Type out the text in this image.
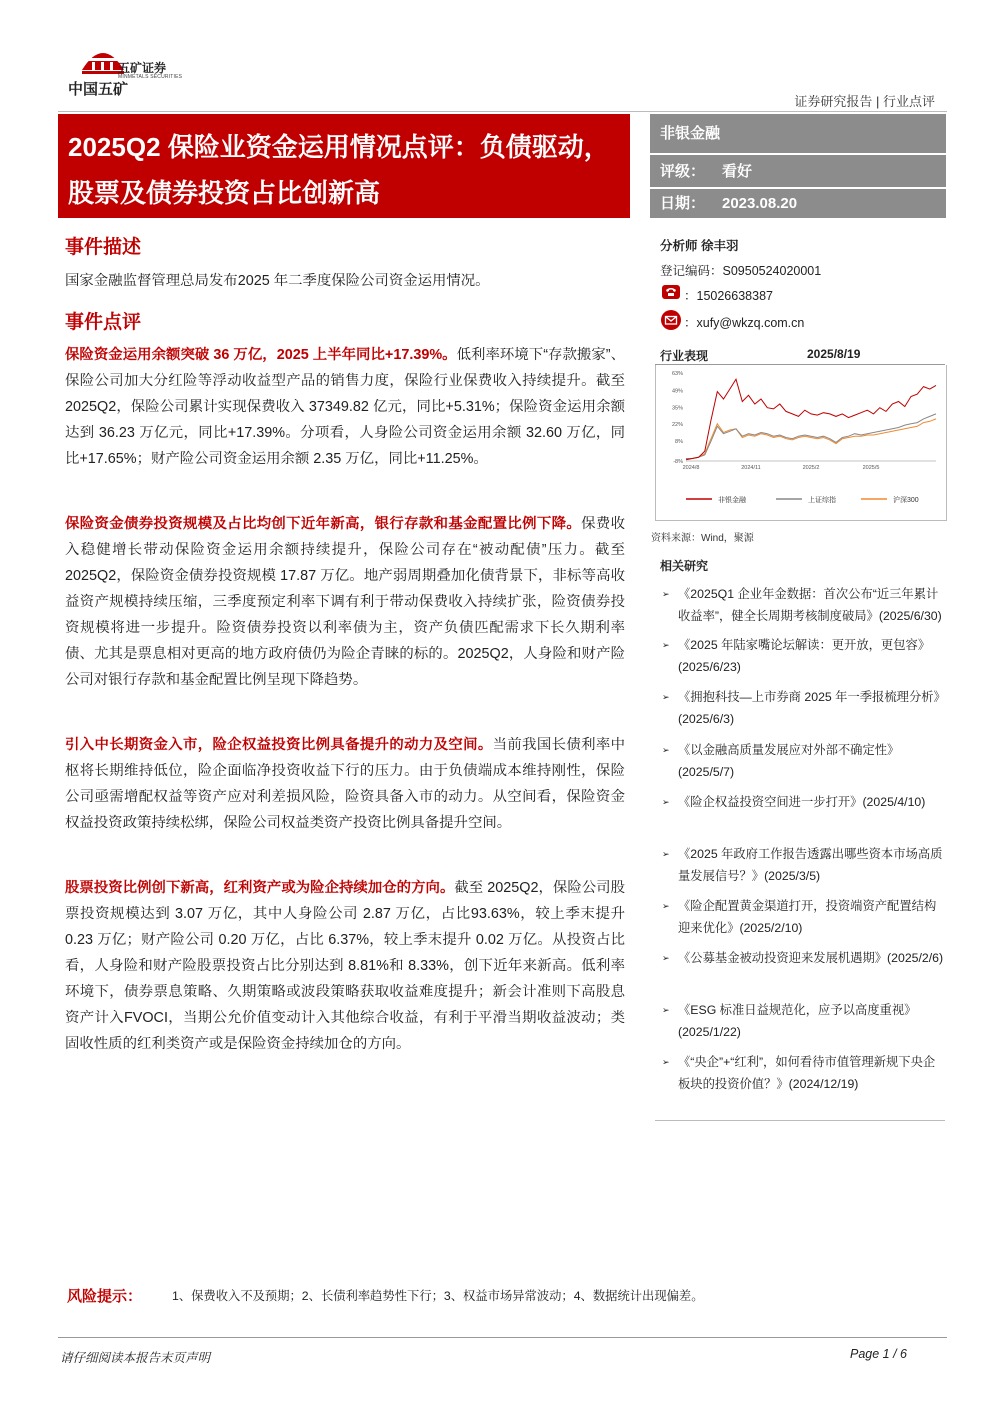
五矿证券
MINMETALS SECURITIES
中国五矿
证券研究报告 | 行业点评
2025Q2 保险业资金运用情况点评：负债驱动，股票及债券投资占比创新高
非银金融
评级： 看好
日期： 2023.08.20
事件描述
国家金融监督管理总局发布2025 年二季度保险公司资金运用情况。
事件点评
保险资金运用余额突破 36 万亿，2025 上半年同比+17.39%。低利率环境下“存款搬家”、保险公司加大分红险等浮动收益型产品的销售力度，保险行业保费收入持续提升。截至 2025Q2，保险公司累计实现保费收入 37349.82 亿元，同比+5.31%；保险资金运用余额达到 36.23 万亿元，同比+17.39%。分项看，人身险公司资金运用余额 32.60 万亿，同比+17.65%；财产险公司资金运用余额 2.35 万亿，同比+11.25%。
保险资金债券投资规模及占比均创下近年新高，银行存款和基金配置比例下降。保费收入稳健增长带动保险资金运用余额持续提升，保险公司存在“被动配债”压力。截至 2025Q2，保险资金债券投资规模 17.87 万亿。地产弱周期叠加化债背景下，非标等高收益资产规模持续压缩，三季度预定利率下调有利于带动保费收入持续扩张，险资债券投资规模将进一步提升。险资债券投资以利率债为主，资产负债匹配需求下长久期利率债、尤其是票息相对更高的地方政府债仍为险企青睐的标的。2025Q2，人身险和财产险公司对银行存款和基金配置比例呈现下降趋势。
引入中长期资金入市，险企权益投资比例具备提升的动力及空间。当前我国长债利率中枢将长期维持低位，险企面临净投资收益下行的压力。由于负债端成本维持刚性，保险公司亟需增配权益等资产应对利差损风险，险资具备入市的动力。从空间看，保险资金权益投资政策持续松绑，保险公司权益类资产投资比例具备提升空间。
股票投资比例创下新高，红利资产或为险企持续加仓的方向。截至 2025Q2，保险公司股票投资规模达到 3.07 万亿，其中人身险公司 2.87 万亿，占比93.63%，较上季末提升 0.23 万亿；财产险公司 0.20 万亿，占比 6.37%，较上季末提升 0.02 万亿。从投资占比看，人身险和财产险股票投资占比分别达到 8.81%和 8.33%，创下近年来新高。低利率环境下，债券票息策略、久期策略或波段策略获取收益难度提升；新会计准则下高股息资产计入FVOCI，当期公允价值变动计入其他综合收益，有利于平滑当期收益波动；类固收性质的红利类资产或是保险资金持续加仓的方向。
分析师 徐丰羽
登记编码：S0950524020001
：15026638387
：xufy@wkzq.com.cn
行业表现	2025/8/19
-8%
8%
22%
35%
49%
63%
2024/8	2024/11	2025/2	2025/5
非银金融	上证综指	沪深300
资料来源：Wind，聚源
相关研究
➢ 《2025Q1 企业年金数据：首次公布“近三年累计收益率”，健全长周期考核制度破局》(2025/6/30)
➢ 《2025 年陆家嘴论坛解读：更开放，更包容》(2025/6/23)
➢ 《拥抱科技—上市券商 2025 年一季报梳理分析》(2025/6/3)
➢ 《以金融高质量发展应对外部不确定性》(2025/5/7)
➢ 《险企权益投资空间进一步打开》(2025/4/10)
➢ 《2025 年政府工作报告透露出哪些资本市场高质量发展信号？》(2025/3/5)
➢ 《险企配置黄金渠道打开，投资端资产配置结构迎来优化》(2025/2/10)
➢ 《公募基金被动投资迎来发展机遇期》(2025/2/6)
➢ 《ESG 标准日益规范化，应予以高度重视》(2025/1/22)
➢ 《“央企”+“红利”，如何看待市值管理新规下央企板块的投资价值？》(2024/12/19)
风险提示： 1、保费收入不及预期；2、长债利率趋势性下行；3、权益市场异常波动；4、数据统计出现偏差。
请仔细阅读本报告末页声明	Page 1 / 6
